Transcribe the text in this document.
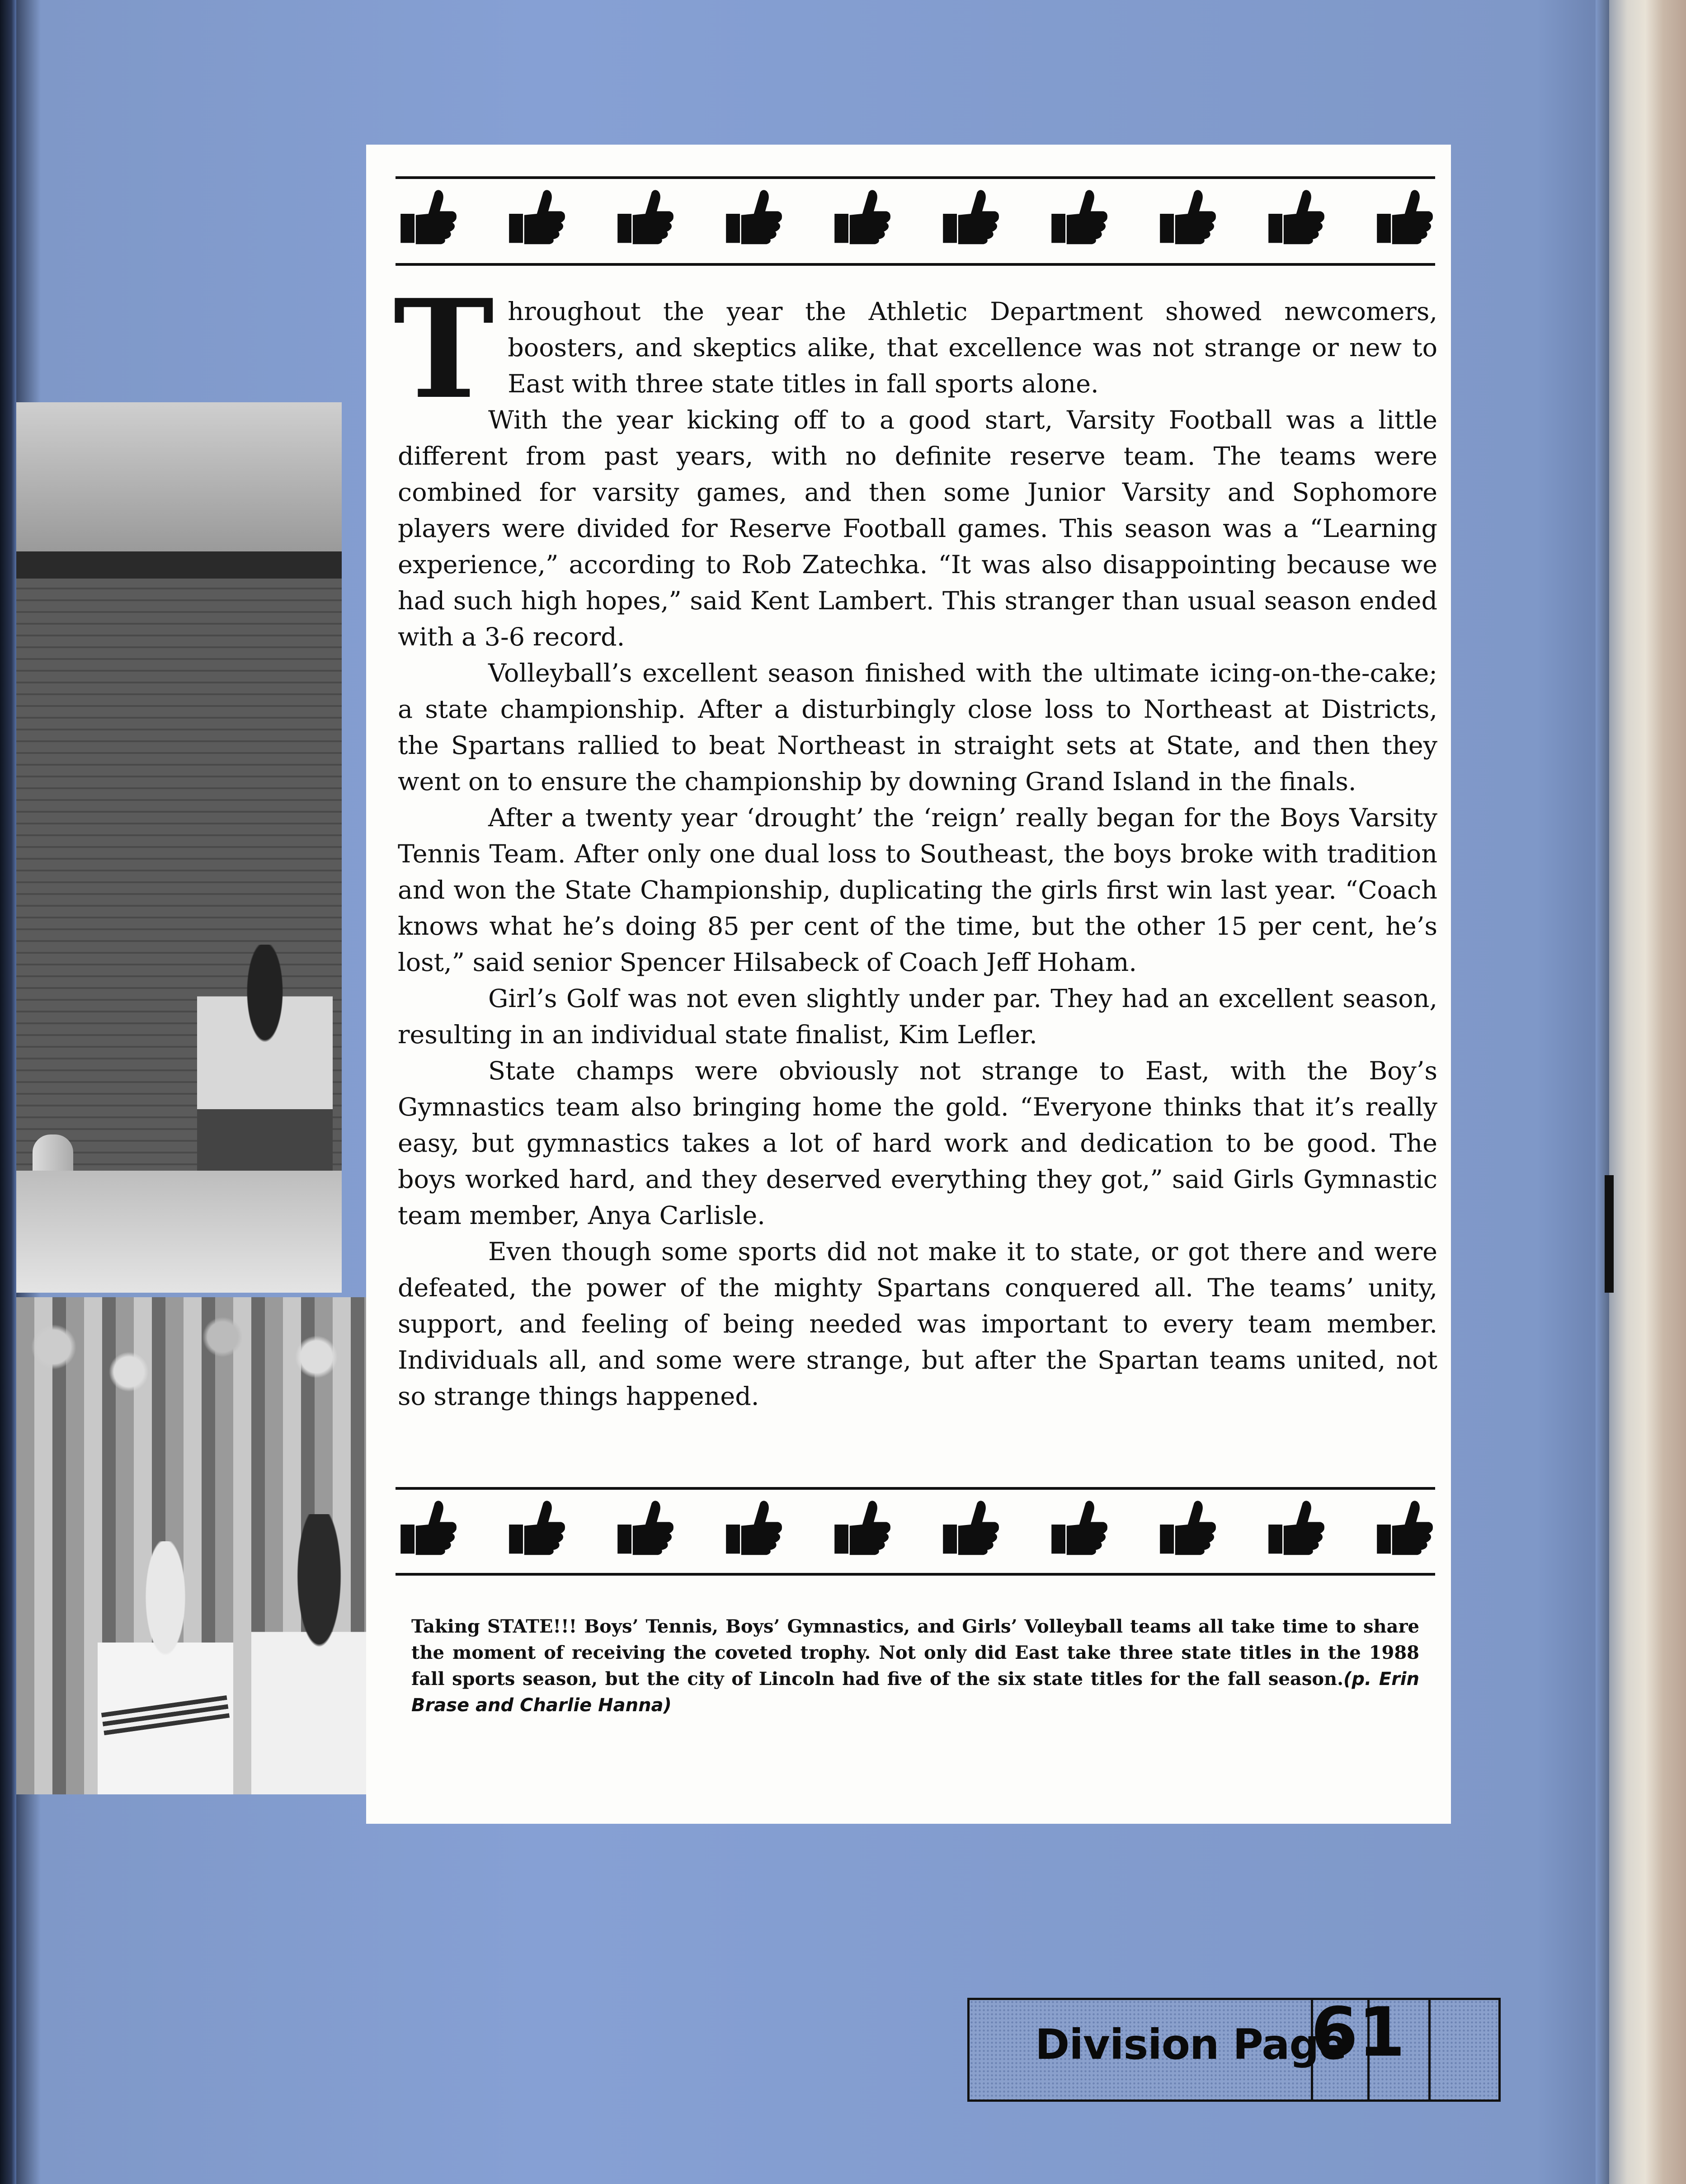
Throughout the year the Athletic Department showed newcomers, boosters, and skeptics alike, that excellence was not strange or new to East with three state titles in fall sports alone.

With the year kicking off to a good start, Varsity Football was a little different from past years, with no definite reserve team. The teams were combined for varsity games, and then some Junior Varsity and Sophomore players were divided for Reserve Football games. This season was a “Learning experience,” according to Rob Zatechka. “It was also disappointing because we had such high hopes,” said Kent Lambert. This stranger than usual season ended with a 3-6 record.

Volleyball’s excellent season finished with the ultimate icing-on-the-cake; a state championship. After a disturbingly close loss to Northeast at Districts, the Spartans rallied to beat Northeast in straight sets at State, and then they went on to ensure the championship by downing Grand Island in the finals.

After a twenty year ‘drought’ the ‘reign’ really began for the Boys Varsity Tennis Team. After only one dual loss to Southeast, the boys broke with tradition and won the State Championship, duplicating the girls first win last year. “Coach knows what he’s doing 85 per cent of the time, but the other 15 per cent, he’s lost,” said senior Spencer Hilsabeck of Coach Jeff Hoham.

Girl’s Golf was not even slightly under par. They had an excellent season, resulting in an individual state finalist, Kim Lefler.

State champs were obviously not strange to East, with the Boy’s Gymnastics team also bringing home the gold. “Everyone thinks that it’s really easy, but gymnastics takes a lot of hard work and dedication to be good. The boys worked hard, and they deserved everything they got,” said Girls Gymnastic team member, Anya Carlisle.

Even though some sports did not make it to state, or got there and were defeated, the power of the mighty Spartans conquered all. The teams’ unity, support, and feeling of being needed was important to every team member. Individuals all, and some were strange, but after the Spartan teams united, not so strange things happened.

Taking STATE!!! Boys’ Tennis, Boys’ Gymnastics, and Girls’ Volleyball teams all take time to share the moment of receiving the coveted trophy. Not only did East take three state titles in the 1988 fall sports season, but the city of Lincoln had five of the six state titles for the fall season.(p. Erin Brase and Charlie Hanna)
Division Page
61
